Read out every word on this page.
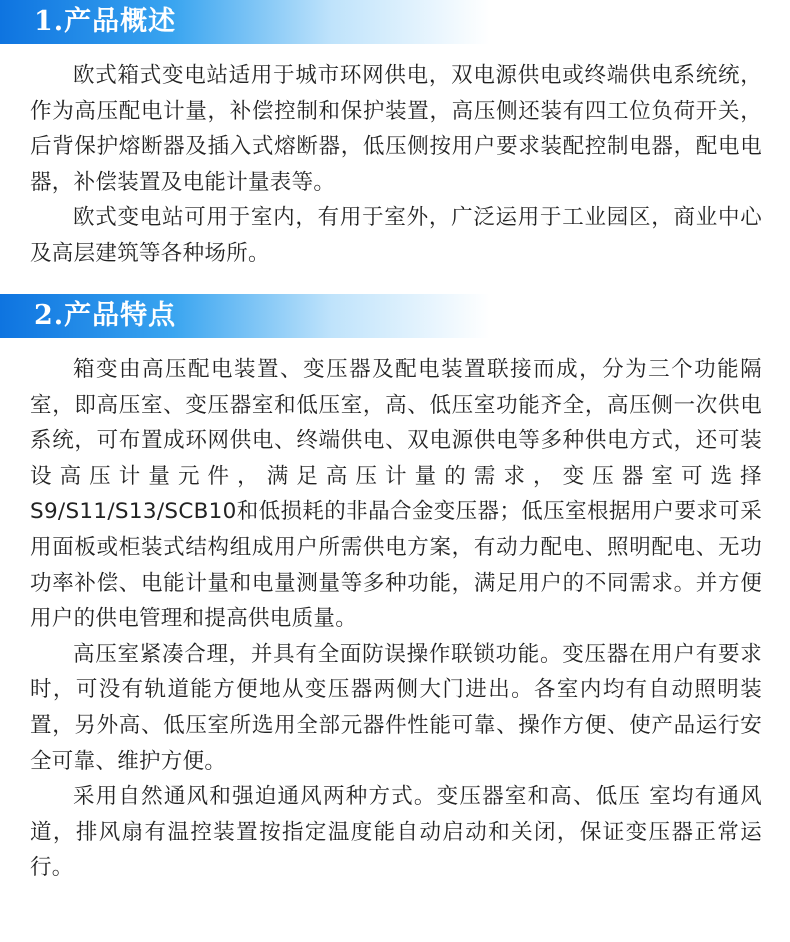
1.产品概述

欧式箱式变电站适用于城市环网供电，双电源供电或终端供电系统统，作为高压配电计量，补偿控制和保护装置，高压侧还装有四工位负荷开关，后背保护熔断器及插入式熔断器，低压侧按用户要求装配控制电器，配电电器，补偿装置及电能计量表等。

欧式变电站可用于室内，有用于室外，广泛运用于工业园区，商业中心及高层建筑等各种场所。

2.产品特点

箱变由高压配电装置、变压器及配电装置联接而成，分为三个功能隔室，即高压室、变压器室和低压室，高、低压室功能齐全，高压侧一次供电系统，可布置成环网供电、终端供电、双电源供电等多种供电方式，还可装设高压计量元件，满足高压计量的需求，变压器室可选择S9/S11/S13/SCB10和低损耗的非晶合金变压器；低压室根据用户要求可采用面板或柜装式结构组成用户所需供电方案，有动力配电、照明配电、无功功率补偿、电能计量和电量测量等多种功能，满足用户的不同需求。并方便用户的供电管理和提高供电质量。

高压室紧凑合理，并具有全面防误操作联锁功能。变压器在用户有要求时，可没有轨道能方便地从变压器两侧大门进出。各室内均有自动照明装置，另外高、低压室所选用全部元器件性能可靠、操作方便、使产品运行安全可靠、维护方便。

采用自然通风和强迫通风两种方式。变压器室和高、低压 室均有通风道，排风扇有温控装置按指定温度能自动启动和关闭，保证变压器正常运行。
